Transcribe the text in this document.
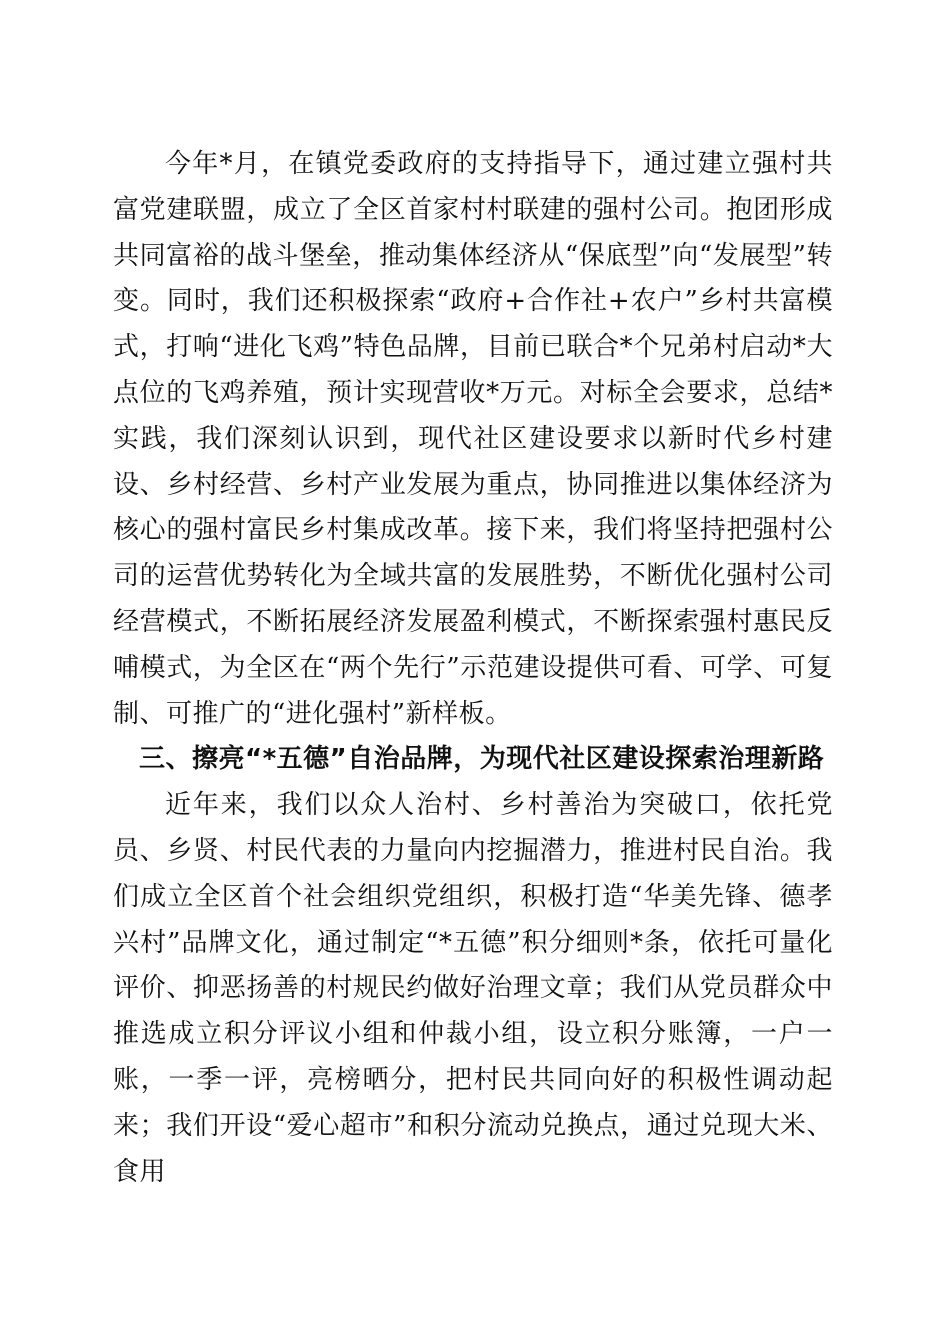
今年*月，在镇党委政府的支持指导下，通过建立强村共富党建联盟，成立了全区首家村村联建的强村公司。抱团形成共同富裕的战斗堡垒，推动集体经济从“保底型”向“发展型”转变。同时，我们还积极探索“政府+合作社+农户”乡村共富模式，打响“进化飞鸡”特色品牌，目前已联合*个兄弟村启动*大点位的飞鸡养殖，预计实现营收*万元。对标全会要求，总结*实践，我们深刻认识到，现代社区建设要求以新时代乡村建设、乡村经营、乡村产业发展为重点，协同推进以集体经济为核心的强村富民乡村集成改革。接下来，我们将坚持把强村公司的运营优势转化为全域共富的发展胜势，不断优化强村公司经营模式，不断拓展经济发展盈利模式，不断探索强村惠民反哺模式，为全区在“两个先行”示范建设提供可看、可学、可复制、可推广的“进化强村”新样板。

三、擦亮“*五德”自治品牌，为现代社区建设探索治理新路

近年来，我们以众人治村、乡村善治为突破口，依托党员、乡贤、村民代表的力量向内挖掘潜力，推进村民自治。我们成立全区首个社会组织党组织，积极打造“华美先锋、德孝兴村”品牌文化，通过制定“*五德”积分细则*条，依托可量化评价、抑恶扬善的村规民约做好治理文章；我们从党员群众中推选成立积分评议小组和仲裁小组，设立积分账簿，一户一账，一季一评，亮榜晒分，把村民共同向好的积极性调动起来；我们开设“爱心超市”和积分流动兑换点，通过兑现大米、食用
